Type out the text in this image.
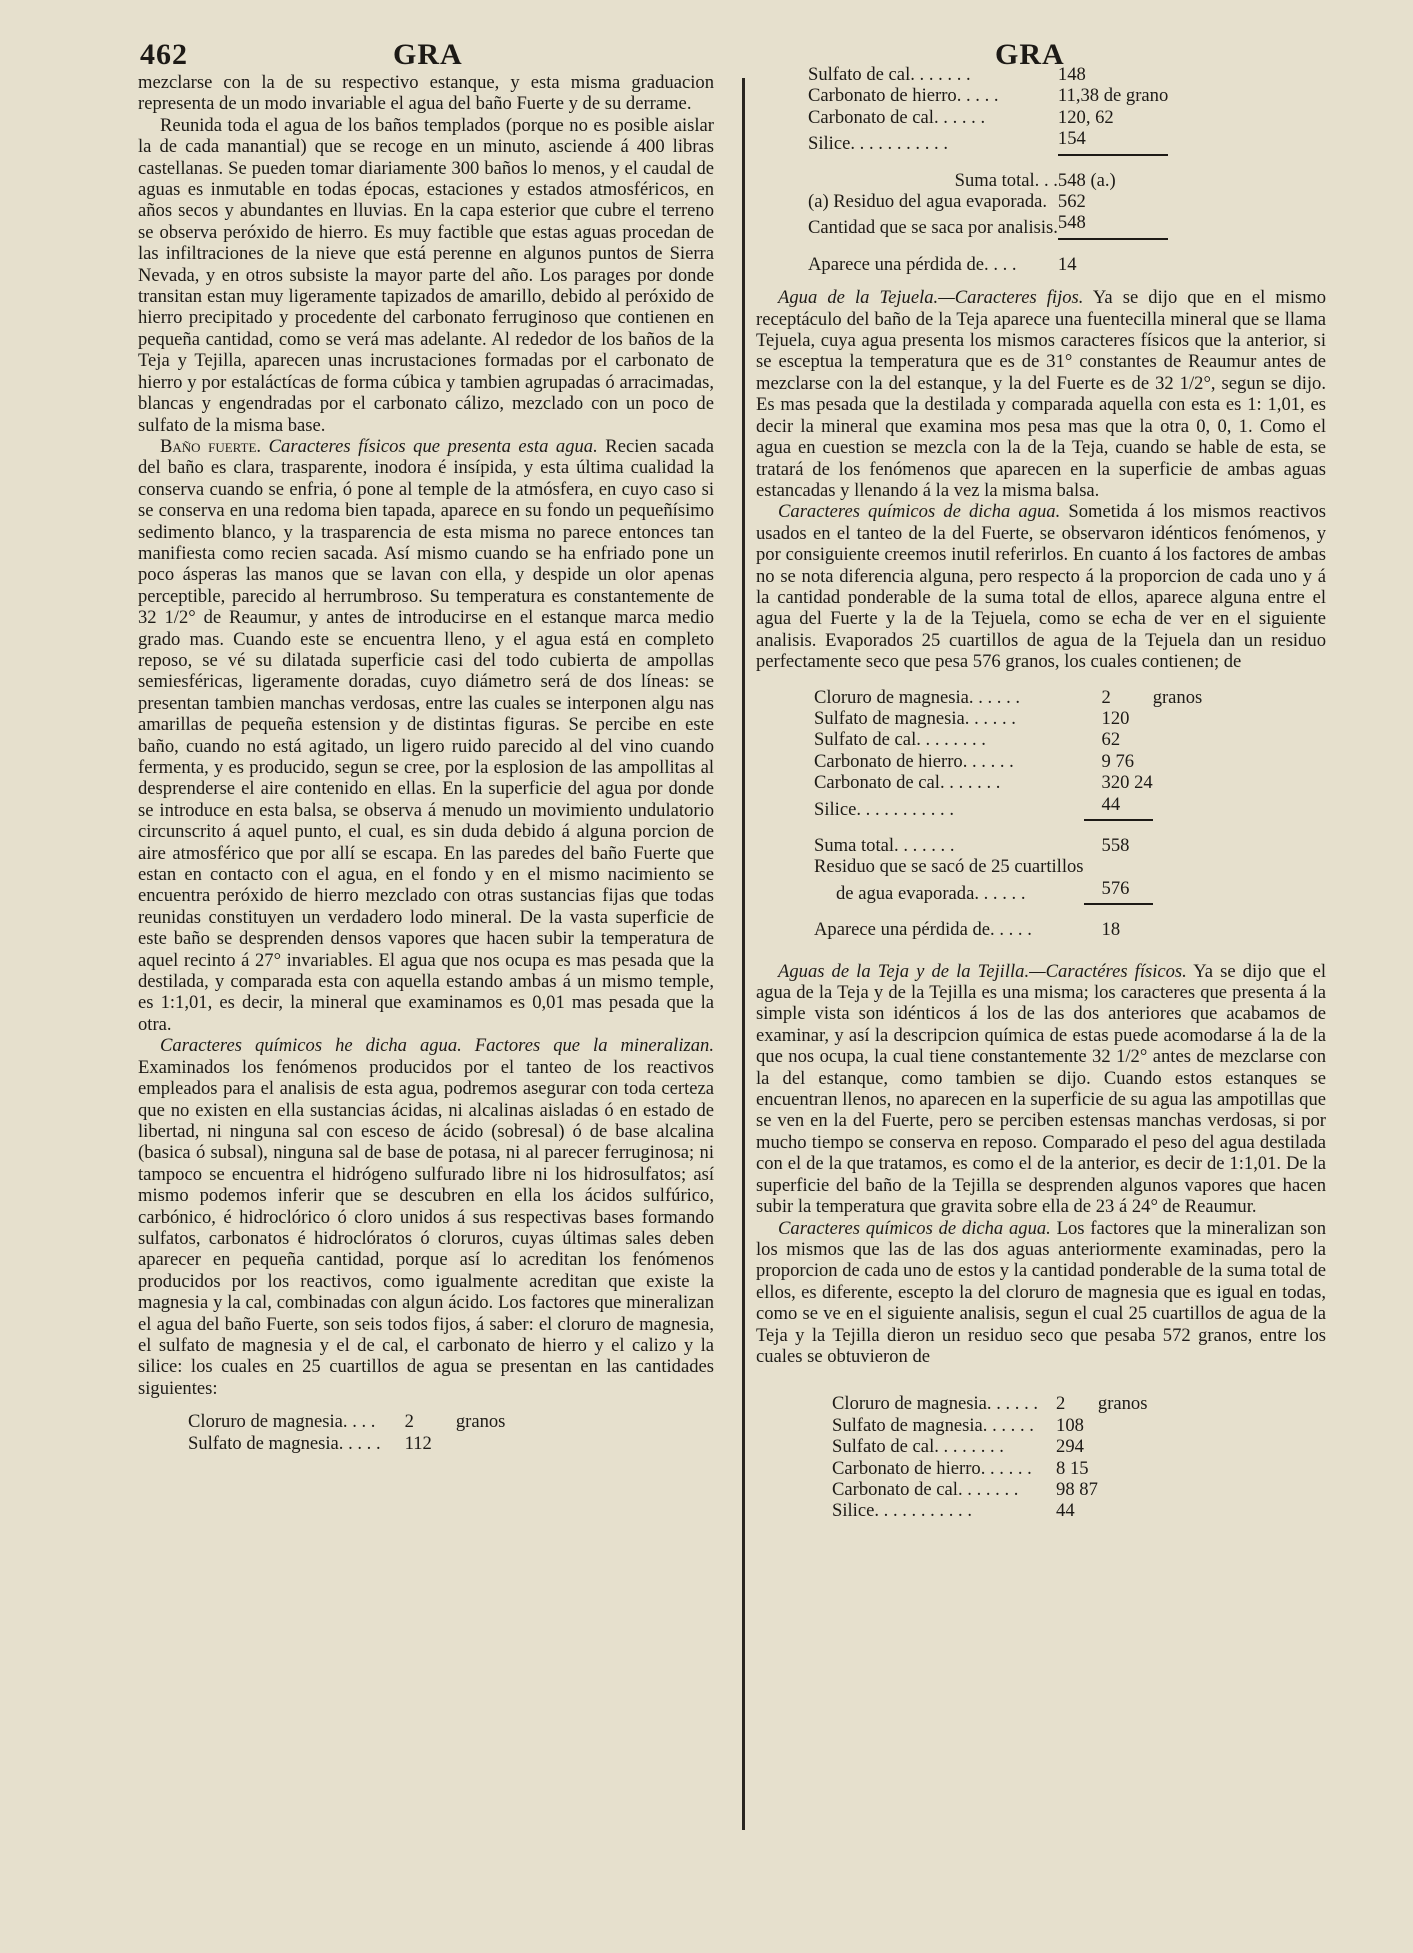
462	GRA	GRA

mezclarse con la de su respectivo estanque, y esta misma graduacion representa de un modo invariable el agua del baño Fuerte y de su derrame.

Reunida toda el agua de los baños templados (porque no es posible aislar la de cada manantial) que se recoge en un minuto, asciende á 400 libras castellanas. Se pueden tomar diariamente 300 baños lo menos, y el caudal de aguas es inmutable en todas épocas, estaciones y estados atmosféricos, en años secos y abundantes en lluvias. En la capa esterior que cubre el terreno se observa peróxido de hierro. Es muy factible que estas aguas procedan de las infiltraciones de la nieve que está perenne en algunos puntos de Sierra Nevada, y en otros subsiste la mayor parte del año. Los parages por donde transitan estan muy ligeramente tapizados de amarillo, debido al peróxido de hierro precipitado y procedente del carbonato ferruginoso que contienen en pequeña cantidad, como se verá mas adelante. Al rededor de los baños de la Teja y Tejilla, aparecen unas incrustaciones formadas por el carbonato de hierro y por estaláctícas de forma cúbica y tambien agrupadas ó arracimadas, blancas y engendradas por el carbonato cálizo, mezclado con un poco de sulfato de la misma base.

Baño fuerte. Caracteres físicos que presenta esta agua. Recien sacada del baño es clara, trasparente, inodora é insípida, y esta última cualidad la conserva cuando se enfria, ó pone al temple de la atmósfera, en cuyo caso si se conserva en una redoma bien tapada, aparece en su fondo un pequeñísimo sedimento blanco, y la trasparencia de esta misma no parece entonces tan manifiesta como recien sacada. Así mismo cuando se ha enfriado pone un poco ásperas las manos que se lavan con ella, y despide un olor apenas perceptible, parecido al herrumbroso. Su temperatura es constantemente de 32 1/2° de Reaumur, y antes de introducirse en el estanque marca medio grado mas. Cuando este se encuentra lleno, y el agua está en completo reposo, se vé su dilatada superficie casi del todo cubierta de ampollas semiesféricas, ligeramente doradas, cuyo diámetro será de dos líneas: se presentan tambien manchas verdosas, entre las cuales se interponen algu nas amarillas de pequeña estension y de distintas figuras. Se percibe en este baño, cuando no está agitado, un ligero ruido parecido al del vino cuando fermenta, y es producido, segun se cree, por la esplosion de las ampollitas al desprenderse el aire contenido en ellas. En la superficie del agua por donde se introduce en esta balsa, se observa á menudo un movimiento undulatorio circunscrito á aquel punto, el cual, es sin duda debido á alguna porcion de aire atmosférico que por allí se escapa. En las paredes del baño Fuerte que estan en contacto con el agua, en el fondo y en el mismo nacimiento se encuentra peróxido de hierro mezclado con otras sustancias fijas que todas reunidas constituyen un verdadero lodo mineral. De la vasta superficie de este baño se desprenden densos vapores que hacen subir la temperatura de aquel recinto á 27° invariables. El agua que nos ocupa es mas pesada que la destilada, y comparada esta con aquella estando ambas á un mismo temple, es 1:1,01, es decir, la mineral que examinamos es 0,01 mas pesada que la otra.

Caracteres químicos he dicha agua. Factores que la mineralizan. Examinados los fenómenos producidos por el tanteo de los reactivos empleados para el analisis de esta agua, podremos asegurar con toda certeza que no existen en ella sustancias ácidas, ni alcalinas aisladas ó en estado de libertad, ni ninguna sal con esceso de ácido (sobresal) ó de base alcalina (basica ó subsal), ninguna sal de base de potasa, ni al parecer ferruginosa; ni tampoco se encuentra el hidrógeno sulfurado libre ni los hidrosulfatos; así mismo podemos inferir que se descubren en ella los ácidos sulfúrico, carbónico, é hidroclórico ó cloro unidos á sus respectivas bases formando sulfatos, carbonatos é hidroclóratos ó cloruros, cuyas últimas sales deben aparecer en pequeña cantidad, porque así lo acreditan los fenómenos producidos por los reactivos, como igualmente acreditan que existe la magnesia y la cal, combinadas con algun ácido. Los factores que mineralizan el agua del baño Fuerte, son seis todos fijos, á saber: el cloruro de magnesia, el sulfato de magnesia y el de cal, el carbonato de hierro y el calizo y la silice: los cuales en 25 cuartillos de agua se presentan en las cantidades siguientes:

Cloruro de magnesia. . . .	2	granos
Sulfato de magnesia. . . . .	112	
Sulfato de cal. . . . . . .	148
Carbonato de hierro. . . . .	11,38 de grano
Carbonato de cal. . . . . .	120, 62
Silice. . . . . . . . . . .	154
Suma total. . .	548 (a.)
(a) Residuo del agua evaporada.	562
Cantidad que se saca por analisis.	548
Aparece una pérdida de. . . .	14

Agua de la Tejuela.—Caracteres fijos. Ya se dijo que en el mismo receptáculo del baño de la Teja aparece una fuentecilla mineral que se llama Tejuela, cuya agua presenta los mismos caracteres físicos que la anterior, si se esceptua la temperatura que es de 31° constantes de Reaumur antes de mezclarse con la del estanque, y la del Fuerte es de 32 1/2°, segun se dijo. Es mas pesada que la destilada y comparada aquella con esta es 1: 1,01, es decir la mineral que examina mos pesa mas que la otra 0, 0, 1. Como el agua en cuestion se mezcla con la de la Teja, cuando se hable de esta, se tratará de los fenómenos que aparecen en la superficie de ambas aguas estancadas y llenando á la vez la misma balsa.

Caracteres químicos de dicha agua. Sometida á los mismos reactivos usados en el tanteo de la del Fuerte, se observaron idénticos fenómenos, y por consiguiente creemos inutil referirlos. En cuanto á los factores de ambas no se nota diferencia alguna, pero respecto á la proporcion de cada uno y á la cantidad ponderable de la suma total de ellos, aparece alguna entre el agua del Fuerte y la de la Tejuela, como se echa de ver en el siguiente analisis. Evaporados 25 cuartillos de agua de la Tejuela dan un residuo perfectamente seco que pesa 576 granos, los cuales contienen; de

Cloruro de magnesia. . . . . .	2	granos
Sulfato de magnesia. . . . . .	120	
Sulfato de cal. . . . . . . .	62	
Carbonato de hierro. . . . . .	9 76	
Carbonato de cal. . . . . . .	320 24	
Silice. . . . . . . . . . .	44	
Suma total. . . . . . .	558	
Residuo que se sacó de 25 cuartillos		
de agua evaporada. . . . . .	576	
Aparece una pérdida de. . . . .	18	

Aguas de la Teja y de la Tejilla.—Caractéres físicos. Ya se dijo que el agua de la Teja y de la Tejilla es una misma; los caracteres que presenta á la simple vista son idénticos á los de las dos anteriores que acabamos de examinar, y así la descripcion química de estas puede acomodarse á la de la que nos ocupa, la cual tiene constantemente 32 1/2° antes de mezclarse con la del estanque, como tambien se dijo. Cuando estos estanques se encuentran llenos, no aparecen en la superficie de su agua las ampotillas que se ven en la del Fuerte, pero se perciben estensas manchas verdosas, si por mucho tiempo se conserva en reposo. Comparado el peso del agua destilada con el de la que tratamos, es como el de la anterior, es decir de 1:1,01. De la superficie del baño de la Tejilla se desprenden algunos vapores que hacen subir la temperatura que gravita sobre ella de 23 á 24° de Reaumur.

Caracteres químicos de dicha agua. Los factores que la mineralizan son los mismos que las de las dos aguas anteriormente examinadas, pero la proporcion de cada uno de estos y la cantidad ponderable de la suma total de ellos, es diferente, escepto la del cloruro de magnesia que es igual en todas, como se ve en el siguiente analisis, segun el cual 25 cuartillos de agua de la Teja y la Tejilla dieron un residuo seco que pesaba 572 granos, entre los cuales se obtuvieron de

Cloruro de magnesia. . . . . .	2	granos
Sulfato de magnesia. . . . . .	108	
Sulfato de cal. . . . . . . .	294	
Carbonato de hierro. . . . . .	8 15	
Carbonato de cal. . . . . . .	98 87	
Silice. . . . . . . . . . .	44	
